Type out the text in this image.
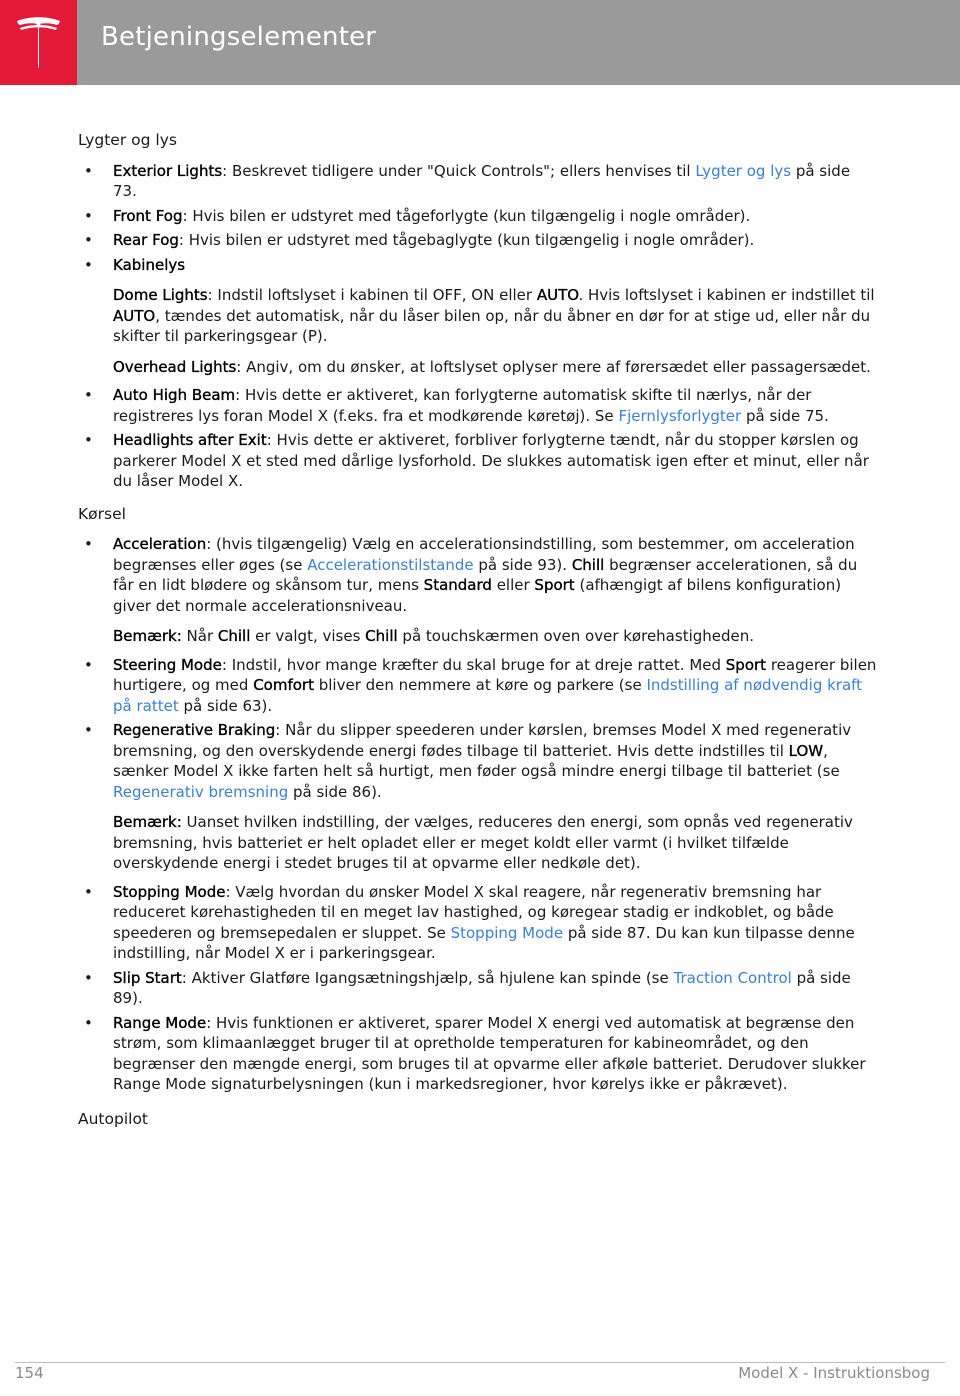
Betjeningselementer
Lygter og lys
• Exterior Lights: Beskrevet tidligere under "Quick Controls"; ellers henvises til Lygter og lys på side 73.
• Front Fog: Hvis bilen er udstyret med tågeforlygte (kun tilgængelig i nogle områder).
• Rear Fog: Hvis bilen er udstyret med tågebaglygte (kun tilgængelig i nogle områder).
• Kabinelys
Dome Lights: Indstil loftslyset i kabinen til OFF, ON eller AUTO. Hvis loftslyset i kabinen er indstillet til AUTO, tændes det automatisk, når du låser bilen op, når du åbner en dør for at stige ud, eller når du skifter til parkeringsgear (P).
Overhead Lights: Angiv, om du ønsker, at loftslyset oplyser mere af førersædet eller passagersædet.
• Auto High Beam: Hvis dette er aktiveret, kan forlygterne automatisk skifte til nærlys, når der registreres lys foran Model X (f.eks. fra et modkørende køretøj). Se Fjernlysforlygter på side 75.
• Headlights after Exit: Hvis dette er aktiveret, forbliver forlygterne tændt, når du stopper kørslen og parkerer Model X et sted med dårlige lysforhold. De slukkes automatisk igen efter et minut, eller når du låser Model X.
Kørsel
• Acceleration: (hvis tilgængelig) Vælg en accelerationsindstilling, som bestemmer, om acceleration begrænses eller øges (se Accelerationstilstande på side 93). Chill begrænser accelerationen, så du får en lidt blødere og skånsom tur, mens Standard eller Sport (afhængigt af bilens konfiguration) giver det normale accelerationsniveau.
Bemærk: Når Chill er valgt, vises Chill på touchskærmen oven over kørehastigheden.
• Steering Mode: Indstil, hvor mange kræfter du skal bruge for at dreje rattet. Med Sport reagerer bilen hurtigere, og med Comfort bliver den nemmere at køre og parkere (se Indstilling af nødvendig kraft på rattet på side 63).
• Regenerative Braking: Når du slipper speederen under kørslen, bremses Model X med regenerativ bremsning, og den overskydende energi fødes tilbage til batteriet. Hvis dette indstilles til LOW, sænker Model X ikke farten helt så hurtigt, men føder også mindre energi tilbage til batteriet (se Regenerativ bremsning på side 86).
Bemærk: Uanset hvilken indstilling, der vælges, reduceres den energi, som opnås ved regenerativ bremsning, hvis batteriet er helt opladet eller er meget koldt eller varmt (i hvilket tilfælde overskydende energi i stedet bruges til at opvarme eller nedkøle det).
• Stopping Mode: Vælg hvordan du ønsker Model X skal reagere, når regenerativ bremsning har reduceret kørehastigheden til en meget lav hastighed, og køregear stadig er indkoblet, og både speederen og bremsepedalen er sluppet. Se Stopping Mode på side 87. Du kan kun tilpasse denne indstilling, når Model X er i parkeringsgear.
• Slip Start: Aktiver Glatføre Igangsætningshjælp, så hjulene kan spinde (se Traction Control på side 89).
• Range Mode: Hvis funktionen er aktiveret, sparer Model X energi ved automatisk at begrænse den strøm, som klimaanlægget bruger til at opretholde temperaturen for kabineområdet, og den begrænser den mængde energi, som bruges til at opvarme eller afkøle batteriet. Derudover slukker Range Mode signaturbelysningen (kun i markedsregioner, hvor kørelys ikke er påkrævet).
Autopilot
154	Model X - Instruktionsbog
